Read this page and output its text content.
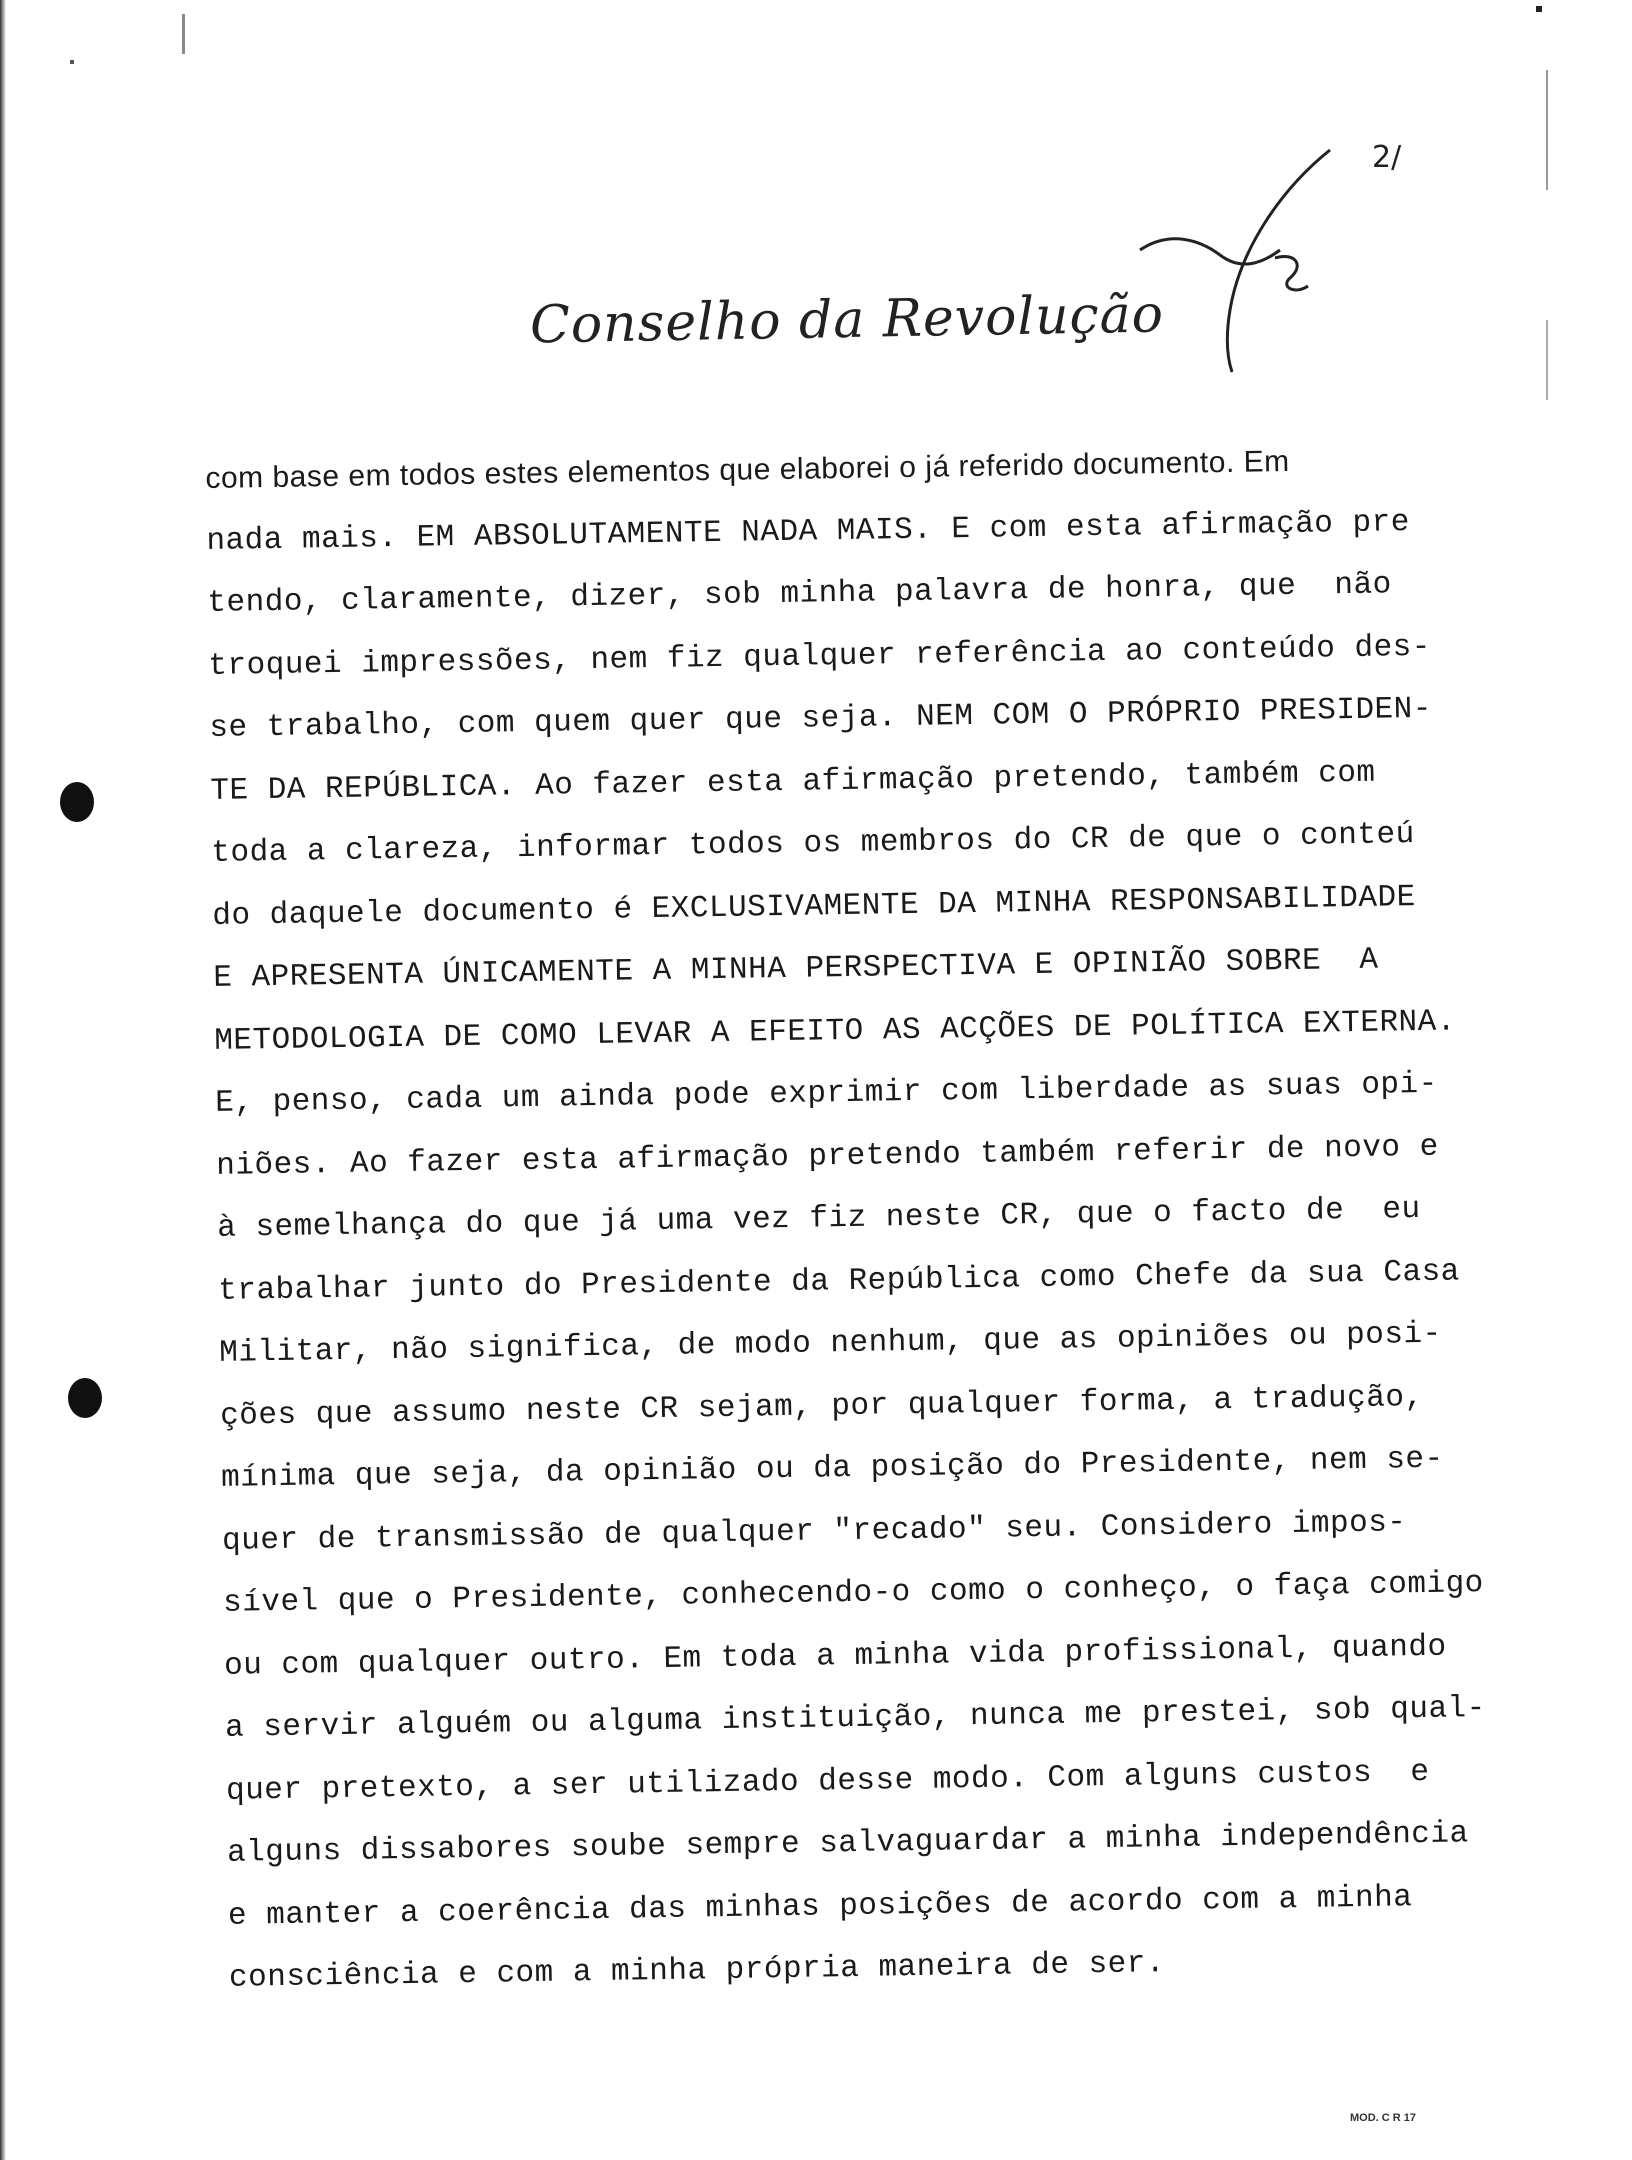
2/
Conselho da Revolução
com base em todos estes elementos que elaborei o já referido documento. Em
nada mais. EM ABSOLUTAMENTE NADA MAIS. E com esta afirmação pre
tendo, claramente, dizer, sob minha palavra de honra, que  não
troquei impressões, nem fiz qualquer referência ao conteúdo des-
se trabalho, com quem quer que seja. NEM COM O PRÓPRIO PRESIDEN-
TE DA REPÚBLICA. Ao fazer esta afirmação pretendo, também com
toda a clareza, informar todos os membros do CR de que o conteú
do daquele documento é EXCLUSIVAMENTE DA MINHA RESPONSABILIDADE
E APRESENTA ÚNICAMENTE A MINHA PERSPECTIVA E OPINIÃO SOBRE  A
METODOLOGIA DE COMO LEVAR A EFEITO AS ACÇÕES DE POLÍTICA EXTERNA.
E, penso, cada um ainda pode exprimir com liberdade as suas opi-
niões. Ao fazer esta afirmação pretendo também referir de novo e
à semelhança do que já uma vez fiz neste CR, que o facto de  eu
trabalhar junto do Presidente da República como Chefe da sua Casa
Militar, não significa, de modo nenhum, que as opiniões ou posi-
ções que assumo neste CR sejam, por qualquer forma, a tradução,
mínima que seja, da opinião ou da posição do Presidente, nem se-
quer de transmissão de qualquer "recado" seu. Considero impos-
sível que o Presidente, conhecendo-o como o conheço, o faça comigo
ou com qualquer outro. Em toda a minha vida profissional, quando
a servir alguém ou alguma instituição, nunca me prestei, sob qual-
quer pretexto, a ser utilizado desse modo. Com alguns custos  e
alguns dissabores soube sempre salvaguardar a minha independência
e manter a coerência das minhas posições de acordo com a minha
consciência e com a minha própria maneira de ser.
MOD. C R 17
